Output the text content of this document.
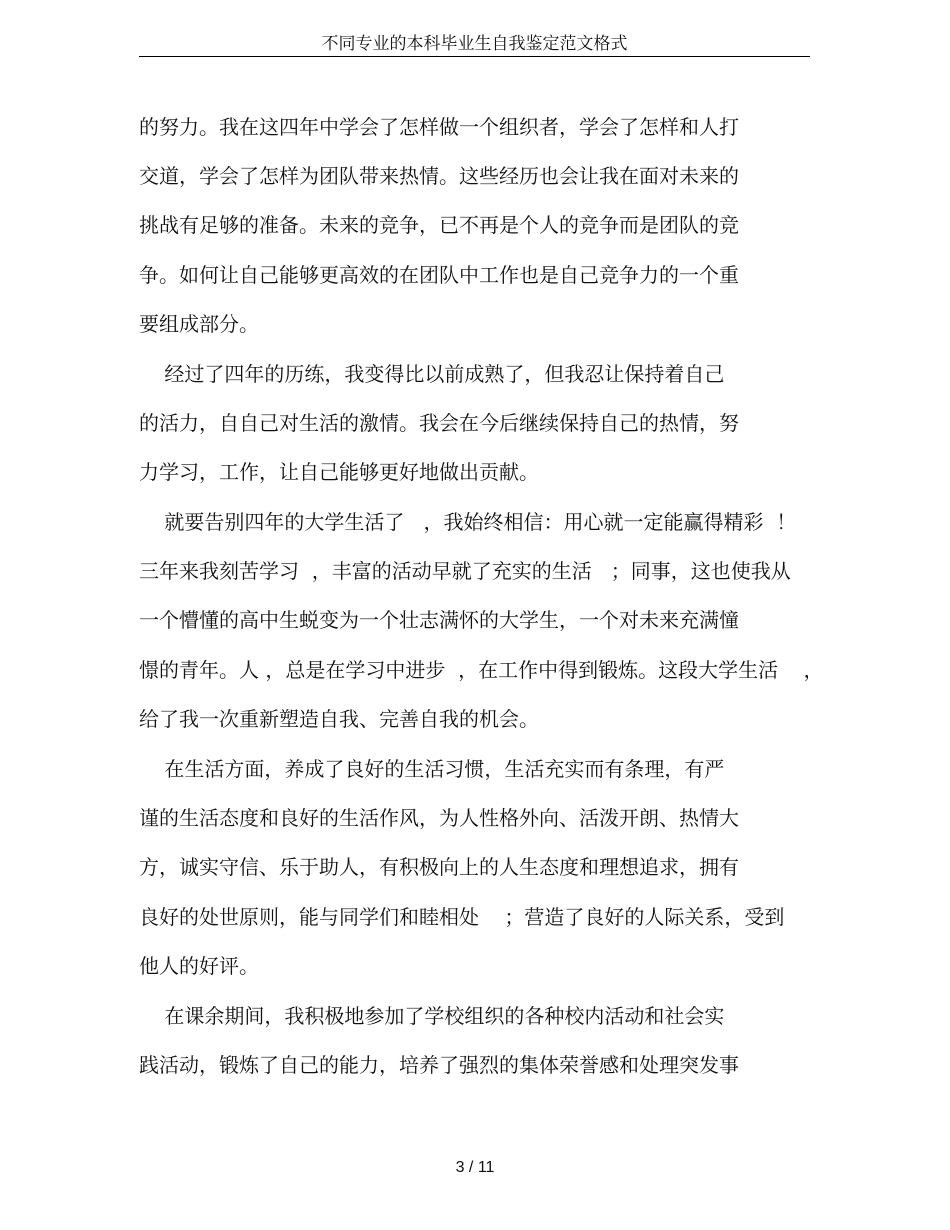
不同专业的本科毕业生自我鉴定范文格式
的努力。我在这四年中学会了怎样做一个组织者，学会了怎样和人打
交道，学会了怎样为团队带来热情。这些经历也会让我在面对未来的
挑战有足够的准备。未来的竞争，已不再是个人的竞争而是团队的竞
争。如何让自己能够更高效的在团队中工作也是自己竞争力的一个重
要组成部分。
经过了四年的历练，我变得比以前成熟了，但我忍让保持着自己
的活力，自自己对生活的激情。我会在今后继续保持自己的热情，努
力学习，工作，让自己能够更好地做出贡献。
就要告别四年的大学生活了   ，我始终相信：用心就一定能赢得精彩  ！
三年来我刻苦学习  ，丰富的活动早就了充实的生活   ；同事，这也使我从
一个懵懂的高中生蜕变为一个壮志满怀的大学生，一个对未来充满憧
憬的青年。人 ，总是在学习中进步  ，在工作中得到锻炼。这段大学生活    ，
给了我一次重新塑造自我、完善自我的机会。
在生活方面，养成了良好的生活习惯，生活充实而有条理，有严
谨的生活态度和良好的生活作风，为人性格外向、活泼开朗、热情大
方，诚实守信、乐于助人，有积极向上的人生态度和理想追求，拥有
良好的处世原则，能与同学们和睦相处    ；营造了良好的人际关系，受到
他人的好评。
在课余期间，我积极地参加了学校组织的各种校内活动和社会实
践活动，锻炼了自己的能力，培养了强烈的集体荣誉感和处理突发事
3 / 11
